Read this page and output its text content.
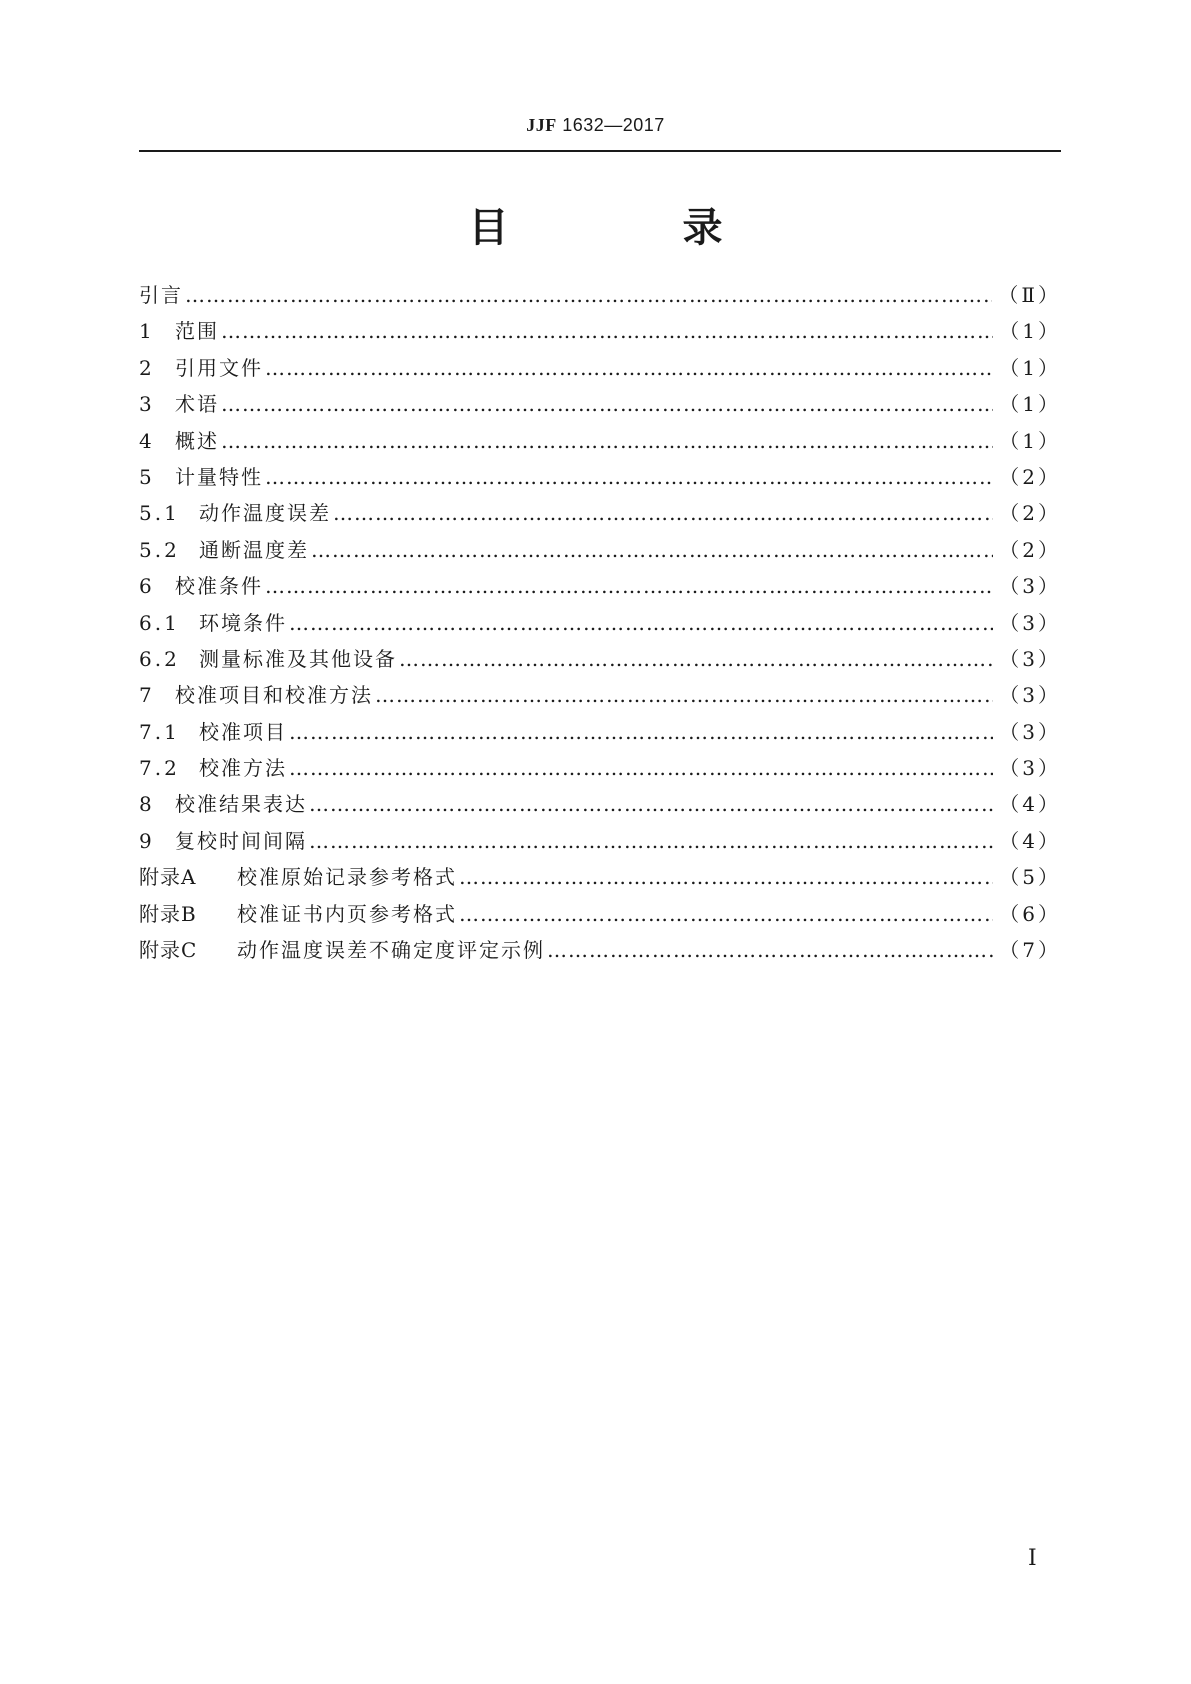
JJF 1632—2017
目 录
引言 …………………………………………………………………………………………………………………………………………………………………………………	（Ⅱ）
1	范围 …………………………………………………………………………………………………………………………………………………………………………………	（1）
2	引用文件 …………………………………………………………………………………………………………………………………………………………………………………	（1）
3	术语 …………………………………………………………………………………………………………………………………………………………………………………	（1）
4	概述 …………………………………………………………………………………………………………………………………………………………………………………	（1）
5	计量特性 …………………………………………………………………………………………………………………………………………………………………………………	（2）
5.1 动作温度误差 …………………………………………………………………………………………………………………………………………………………………………………	（2）
5.2 通断温度差 …………………………………………………………………………………………………………………………………………………………………………………	（2）
6	校准条件 …………………………………………………………………………………………………………………………………………………………………………………	（3）
6.1 环境条件 …………………………………………………………………………………………………………………………………………………………………………………	（3）
6.2 测量标准及其他设备 …………………………………………………………………………………………………………………………………………………………………………………	（3）
7	校准项目和校准方法 …………………………………………………………………………………………………………………………………………………………………………………	（3）
7.1 校准项目 …………………………………………………………………………………………………………………………………………………………………………………	（3）
7.2 校准方法 …………………………………………………………………………………………………………………………………………………………………………………	（3）
8	校准结果表达 …………………………………………………………………………………………………………………………………………………………………………………	（4）
9	复校时间间隔 …………………………………………………………………………………………………………………………………………………………………………………	（4）
附录A	校准原始记录参考格式 …………………………………………………………………………………………………………………………………………………………………………………	（5）
附录B	校准证书内页参考格式 …………………………………………………………………………………………………………………………………………………………………………………	（6）
附录C	动作温度误差不确定度评定示例 …………………………………………………………………………………………………………………………………………………………………………………	（7）
Ⅰ
